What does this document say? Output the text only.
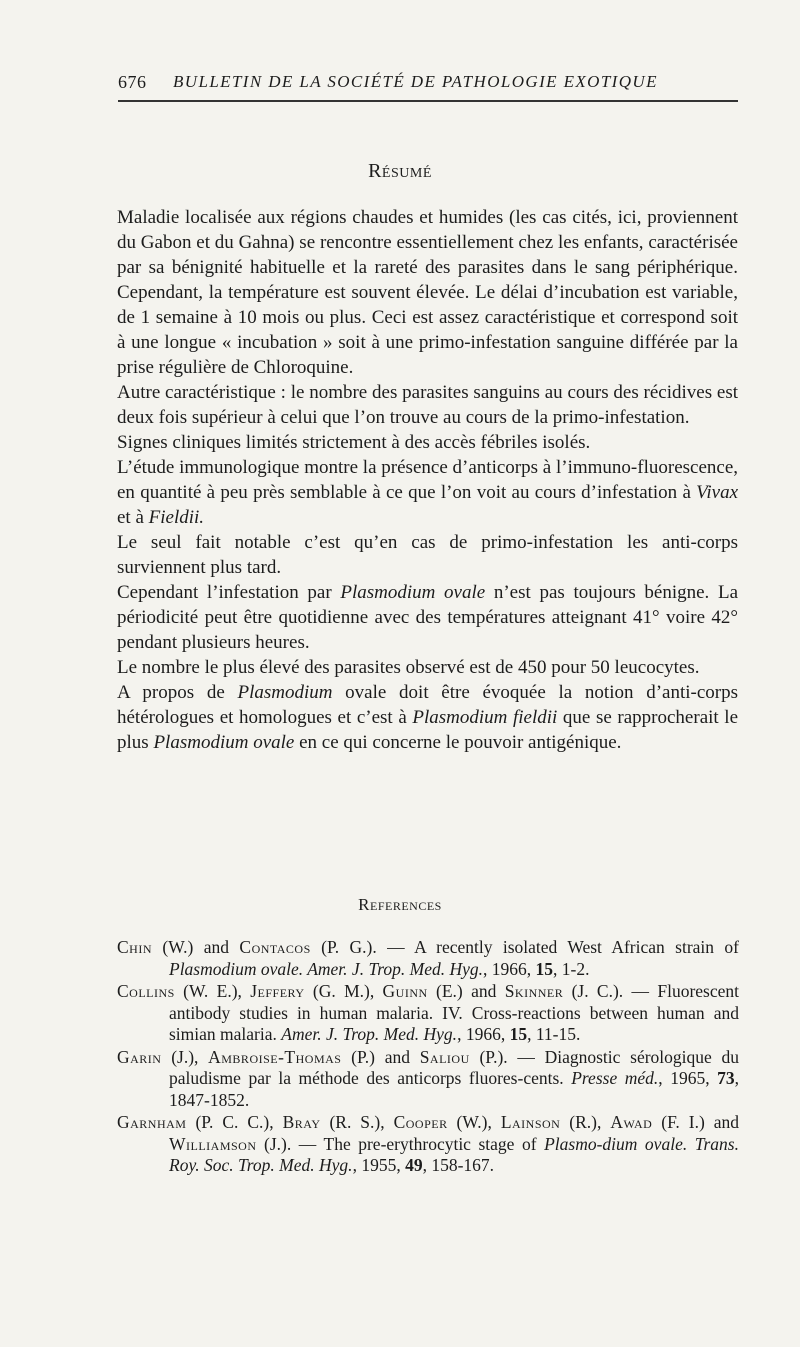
676 BULLETIN DE LA SOCIÉTÉ DE PATHOLOGIE EXOTIQUE
Résumé

Maladie localisée aux régions chaudes et humides (les cas cités, ici, proviennent du Gabon et du Gahna) se rencontre essentiellement chez les enfants, caractérisée par sa bénignité habituelle et la rareté des parasites dans le sang périphérique. Cependant, la température est souvent élevée. Le délai d’incubation est variable, de 1 semaine à 10 mois ou plus. Ceci est assez caractéristique et correspond soit à une longue « incubation » soit à une primo-infestation sanguine différée par la prise régulière de Chloroquine.

Autre caractéristique : le nombre des parasites sanguins au cours des récidives est deux fois supérieur à celui que l’on trouve au cours de la primo-infestation.

Signes cliniques limités strictement à des accès fébriles isolés.

L’étude immunologique montre la présence d’anticorps à l’immuno-fluorescence, en quantité à peu près semblable à ce que l’on voit au cours d’infestation à Vivax et à Fieldii.

Le seul fait notable c’est qu’en cas de primo-infestation les anti-corps surviennent plus tard.

Cependant l’infestation par Plasmodium ovale n’est pas toujours bénigne. La périodicité peut être quotidienne avec des températures atteignant 41° voire 42° pendant plusieurs heures.

Le nombre le plus élevé des parasites observé est de 450 pour 50 leucocytes.

A propos de Plasmodium ovale doit être évoquée la notion d’anti-corps hétérologues et homologues et c’est à Plasmodium fieldii que se rapprocherait le plus Plasmodium ovale en ce qui concerne le pouvoir antigénique.

References

Chin (W.) and Contacos (P. G.). — A recently isolated West African strain of Plasmodium ovale. Amer. J. Trop. Med. Hyg., 1966, 15, 1-2.

Collins (W. E.), Jeffery (G. M.), Guinn (E.) and Skinner (J. C.). — Fluorescent antibody studies in human malaria. IV. Cross-reactions between human and simian malaria. Amer. J. Trop. Med. Hyg., 1966, 15, 11-15.

Garin (J.), Ambroise-Thomas (P.) and Saliou (P.). — Diagnostic sérologique du paludisme par la méthode des anticorps fluores-cents. Presse méd., 1965, 73, 1847-1852.

Garnham (P. C. C.), Bray (R. S.), Cooper (W.), Lainson (R.), Awad (F. I.) and Williamson (J.). — The pre-erythrocytic stage of Plasmo-dium ovale. Trans. Roy. Soc. Trop. Med. Hyg., 1955, 49, 158-167.
